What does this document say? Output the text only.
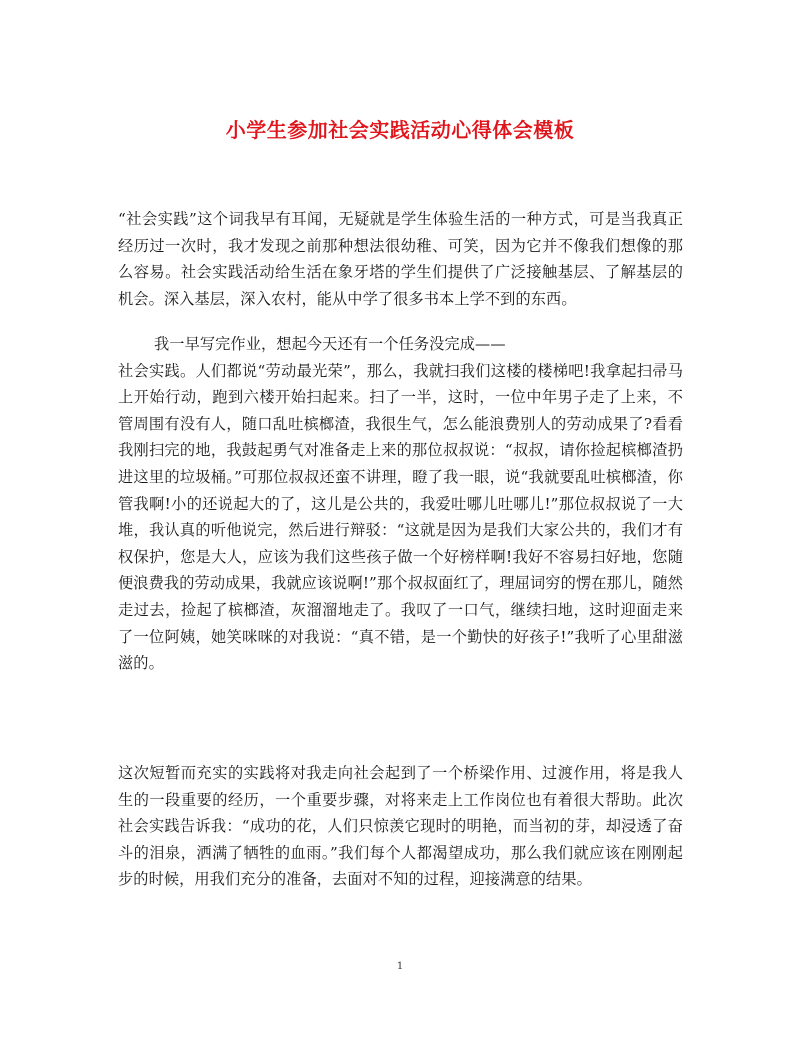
小学生参加社会实践活动心得体会模板

“社会实践”这个词我早有耳闻，无疑就是学生体验生活的一种方式，可是当我真正经历过一次时，我才发现之前那种想法很幼稚、可笑，因为它并不像我们想像的那么容易。社会实践活动给生活在象牙塔的学生们提供了广泛接触基层、了解基层的机会。深入基层，深入农村，能从中学了很多书本上学不到的东西。

我一早写完作业，想起今天还有一个任务没完成——

社会实践。人们都说“劳动最光荣”，那么，我就扫我们这楼的楼梯吧!我拿起扫帚马上开始行动，跑到六楼开始扫起来。扫了一半，这时，一位中年男子走了上来，不管周围有没有人，随口乱吐槟榔渣，我很生气，怎么能浪费别人的劳动成果了?看看我刚扫完的地，我鼓起勇气对准备走上来的那位叔叔说：“叔叔，请你捡起槟榔渣扔进这里的垃圾桶。”可那位叔叔还蛮不讲理，瞪了我一眼，说“我就要乱吐槟榔渣，你管我啊!小的还说起大的了，这儿是公共的，我爱吐哪儿吐哪儿!”那位叔叔说了一大堆，我认真的听他说完，然后进行辩驳：“这就是因为是我们大家公共的，我们才有权保护，您是大人，应该为我们这些孩子做一个好榜样啊!我好不容易扫好地，您随便浪费我的劳动成果，我就应该说啊!”那个叔叔面红了，理屈词穷的愣在那儿，随然走过去，捡起了槟榔渣，灰溜溜地走了。我叹了一口气，继续扫地，这时迎面走来了一位阿姨，她笑咪咪的对我说：“真不错，是一个勤快的好孩子!”我听了心里甜滋滋的。

这次短暂而充实的实践将对我走向社会起到了一个桥梁作用、过渡作用，将是我人生的一段重要的经历，一个重要步骤，对将来走上工作岗位也有着很大帮助。此次社会实践告诉我：“成功的花，人们只惊羡它现时的明艳，而当初的芽，却浸透了奋斗的泪泉，洒满了牺牲的血雨。”我们每个人都渴望成功，那么我们就应该在刚刚起步的时候，用我们充分的准备，去面对不知的过程，迎接满意的结果。

1
